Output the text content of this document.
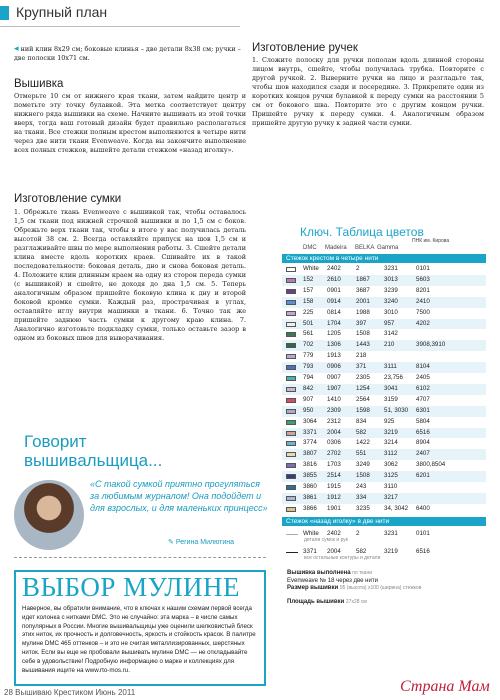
Крупный план
◂ ний клин 8х29 см; боковые клинья – две детали 8х38 см; ручки – две полоски 10х71 см.
Вышивка
Отмерьте 10 см от нижнего края ткани, затем найдите центр и пометьте эту точку булавкой. Эта метка соответствует центру нижнего ряда вышивки на схеме. Начните вышивать из этой точки вверх, тогда ваш готовый дизайн будет правильно располагаться на ткани. Все стежки полным крестом выполняются в четыре нити через две нити ткани Evenweave. Когда вы закончите выполнение всех полных стежков, вышейте детали стежком «назад иголку».
Изготовление сумки
1. Обрежьте ткань Evenweave с вышивкой так, чтобы оставалось 1,5 см ткани под нижней строчкой вышивки и по 1,5 см с боков. Обрежьте верх ткани так, чтобы в итоге у вас получилась деталь высотой 38 см. 2. Всегда оставляйте припуск на шов 1,5 см и разглаживайте швы по мере выполнения работы. 3. Сшейте детали клина вместе вдоль коротких краев. Сшивайте их в такой последовательности: боковая деталь, дно и снова боковая деталь. 4. Положите клин длинным краем на одну из сторон переда сумки (с вышивкой) и сшейте, не доходя до дна 1,5 см. 5. Теперь аналогичным образом пришейте боковую клина к дну и второй боковой кромке сумки. Каждый раз, прострачивая в углах, оставляйте иглу внутри машинки в ткани. 6. Точно так же пришейте заднюю часть сумки к другому краю клина. 7. Аналогично изготовьте подкладку сумки, только оставьте зазор в одном из боковых швов для выворачивания.
Изготовление ручек
1. Сложите полоску для ручки пополам вдоль длинной стороны лицом внутрь, сшейте, чтобы получилась трубка. Повторите с другой ручкой. 2. Выверните ручки на лицо и разгладьте так, чтобы шов находился сзади и посередине. 3. Прикрепите один из коротких концов ручки булавкой к переду сумки на расстоянии 5 см от бокового шва. Повторите это с другим концом ручки. Пришейте ручку к переду сумки. 4. Аналогичным образом пришейте другую ручку к задней части сумки.
Говорит
вышивальщица...
«С такой сумкой приятно прогуляться за любимым журналом! Она подойдет и для взрослых, и для маленьких принцесс»
✎ Регина Милютина
ВЫБОР МУЛИНЕ
Наверное, вы обратили внимание, что в ключах к нашим схемам первой всегда идет колонка с нитками DMC. Это не случайно: эта марка – в числе самых популярных в России. Многие вышивальщицы уже оценили шелковистый блеск этих ниток, их прочность и долговечность, яркость и стойкость красок. В палитре мулине DMC 465 оттенков – и это не считая металлизированных, шерстяных ниток. Если вы еще не пробовали вышивать мулине DMC — не откладывайте себе в удовольствие! Подробную информацию о марке и коллекциях для вышивания ищите на www.rto-mos.ru.
28 Вышиваю Крестиком Июнь 2011
Ключ. Таблица цветов
DMC Madeira BELKA Gamma
ПНК им. Кирова
Стежок крестом в четыре нити
White 2402 2	3231	0101
152 2610 1867 3013	5603
157 0901 3687 3239	8201
158 0914 2001 3240	2410
225 0814 1988 3010	7500
501 1704 397	957	4202
561 1205 1508 3142
702 1306 1443 210	3908,3910
779 1913 218
793 0906 371	3111	8104
794 0907 2305 23,756 2405
842 1907 1254 3041	6102
907 1410 2564 3159	4707
950 2309 1598 51, 3030 6301
3064 2312 834	925	5804
3371 2004 582	3219	6516
3774 0306 1422 3214	8904
3807 2702 551	3112	2407
3816 1703 3249 3062	3800,8504
3855 2514 1508 3125	6201
3860 1915 243	3110
3861 1912 334	3217
3866 1901 3235 34, 3042 6400
Стежок «назад иголку» в две нити
White 2402 2	3231	0101
детали сумок и рук
3371 2004 582	3219	6516
все остальные контуры и детали
Вышивка выполнена по ткани
Evenweave № 18 через две нити
Размер вышивки 95 (высота) x100 (ширина) стежков
Площадь вышивки 27x28 см
Страна Мам
